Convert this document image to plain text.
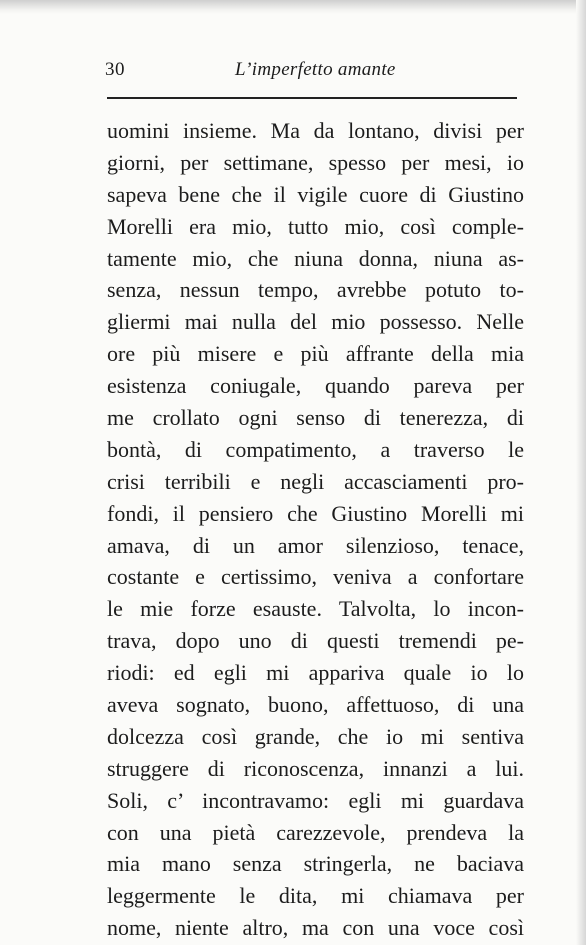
30	L’imperfetto amante
uomini insieme. Ma da lontano, divisi per
giorni, per settimane, spesso per mesi, io
sapeva bene che il vigile cuore di Giustino
Morelli era mio, tutto mio, così comple-
tamente mio, che niuna donna, niuna as-
senza, nessun tempo, avrebbe potuto to-
gliermi mai nulla del mio possesso. Nelle
ore più misere e più affrante della mia
esistenza coniugale, quando pareva per
me crollato ogni senso di tenerezza, di
bontà, di compatimento, a traverso le
crisi terribili e negli accasciamenti pro-
fondi, il pensiero che Giustino Morelli mi
amava, di un amor silenzioso, tenace,
costante e certissimo, veniva a confortare
le mie forze esauste. Talvolta, lo incon-
trava, dopo uno di questi tremendi pe-
riodi: ed egli mi appariva quale io lo
aveva sognato, buono, affettuoso, di una
dolcezza così grande, che io mi sentiva
struggere di riconoscenza, innanzi a lui.
Soli, c’ incontravamo: egli mi guardava
con una pietà carezzevole, prendeva la
mia mano senza stringerla, ne baciava
leggermente le dita, mi chiamava per
nome, niente altro, ma con una voce così
